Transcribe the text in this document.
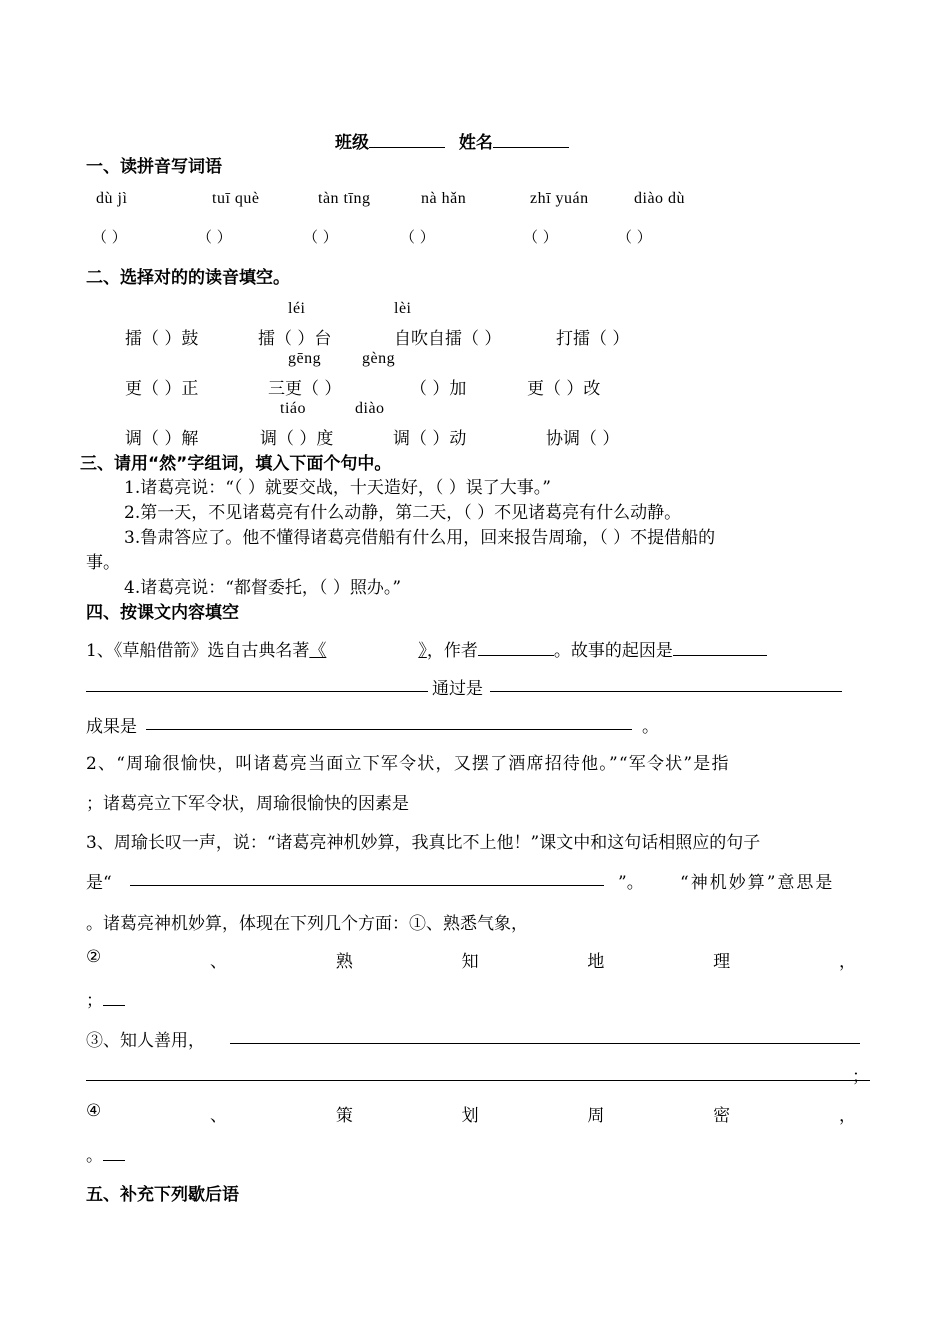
班级	姓名
一、读拼音写词语
dù jì	tuī què	tàn tīng	nà hǎn	zhī yuán	diào dù
（ ）	（ ）	（ ）	（ ）	（ ）	（ ）
二、选择对的的读音填空。
léi	lèi
擂（ ）鼓	擂（ ）台	自吹自擂（ ）	打擂（ ）
gēng	gèng
更（ ）正	三更（ ）	（ ）加	更（ ）改
tiáo	diào
调（ ）解	调（ ）度	调（ ）动	协调（ ）
三、请用“然”字组词，填入下面个句中。
1.诸葛亮说：“（ ）就要交战，十天造好，（ ）误了大事。”
2.第一天，不见诸葛亮有什么动静，第二天，（ ）不见诸葛亮有什么动静。
3.鲁肃答应了。他不懂得诸葛亮借船有什么用，回来报告周瑜，（ ）不提借船的
事。
4.诸葛亮说：“都督委托，（ ）照办。”
四、按课文内容填空
1、《草船借箭》选自古典名著《	》，作者	。故事的起因是
通过是
成果是	。
2、“周瑜很愉快，叫诸葛亮当面立下军令状，又摆了酒席招待他。”“军令状”是指
；诸葛亮立下军令状，周瑜很愉快的因素是
3、周瑜长叹一声，说：“诸葛亮神机妙算，我真比不上他！”课文中和这句话相照应的句子
是“	”。 “神机妙算”意思是
。诸葛亮神机妙算，体现在下列几个方面：①、熟悉气象，
②	、	熟	知	地	理	，
；
③、知人善用，
；
④	、	策	划	周	密	，
。
五、补充下列歇后语
